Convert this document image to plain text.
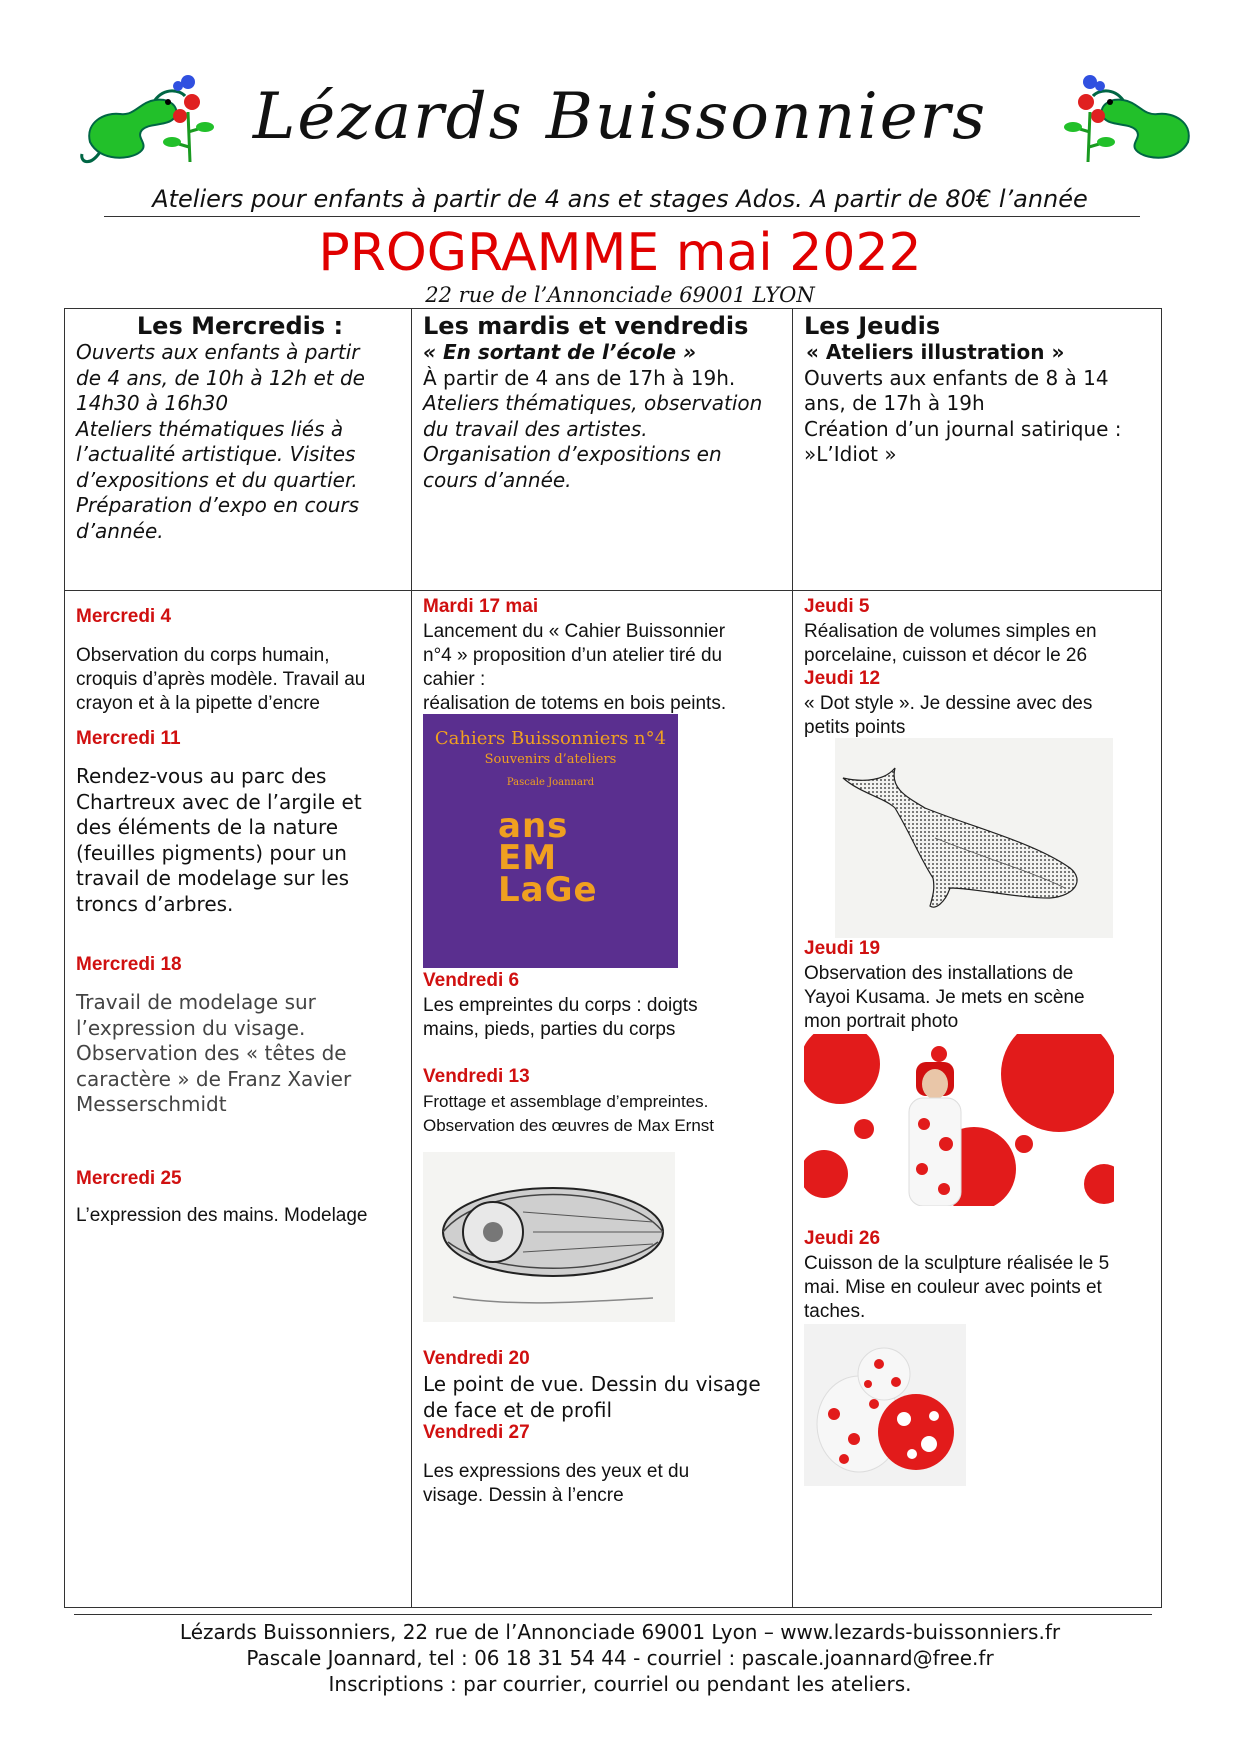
Lézards Buissonniers
Ateliers pour enfants à partir de 4 ans et stages Ados. A partir de 80€ l’année
PROGRAMME mai 2022
22 rue de l’Annonciade 69001 LYON
Les Mercredis :
Ouverts aux enfants à partir
de 4 ans, de 10h à 12h et de
14h30 à 16h30
Ateliers thématiques liés à
l’actualité artistique. Visites
d’expositions et du quartier.
Préparation d’expo en cours
d’année.
Les mardis et vendredis
« En sortant de l’école »
À partir de 4 ans de 17h à 19h.
Ateliers thématiques, observation
du travail des artistes.
Organisation d’expositions en
cours d’année.
Les Jeudis
« Ateliers illustration »
Ouverts aux enfants de 8 à 14
ans, de 17h à 19h
Création d’un journal satirique :
»L’Idiot »
Mercredi 4
Observation du corps humain,
croquis d’après modèle. Travail au
crayon et à la pipette d’encre
Mercredi 11
Rendez-vous au parc des
Chartreux avec de l’argile et
des éléments de la nature
(feuilles pigments) pour un
travail de modelage sur les
troncs d’arbres.
Mercredi 18
Travail de modelage sur
l’expression du visage.
Observation des « têtes de
caractère » de Franz Xavier
Messerschmidt
Mercredi 25
L’expression des mains. Modelage
Mardi 17 mai
Lancement du « Cahier Buissonnier
n°4 » proposition d’un atelier tiré du
cahier :
réalisation de totems en bois peints.
Cahiers Buissonniers n°4
Souvenirs d’ateliers
Pascale Joannard
ans
EM
LaGe
Vendredi 6
Les empreintes du corps : doigts
mains, pieds, parties du corps
Vendredi 13
Frottage et assemblage d’empreintes.
Observation des œuvres de Max Ernst
Vendredi 20
Le point de vue. Dessin du visage
de face et de profil
Vendredi 27
Les expressions des yeux et du
visage. Dessin à l’encre
Jeudi 5
Réalisation de volumes simples en
porcelaine, cuisson et décor le 26
Jeudi 12
« Dot style ». Je dessine avec des
petits points
Jeudi 19
Observation des installations de
Yayoi Kusama. Je mets en scène
mon portrait photo
Jeudi 26
Cuisson de la sculpture réalisée le 5
mai. Mise en couleur avec points et
taches.
Lézards Buissonniers, 22 rue de l’Annonciade 69001 Lyon – www.lezards-buissonniers.fr
Pascale Joannard, tel : 06 18 31 54 44 - courriel : pascale.joannard@free.fr
Inscriptions : par courrier, courriel ou pendant les ateliers.
